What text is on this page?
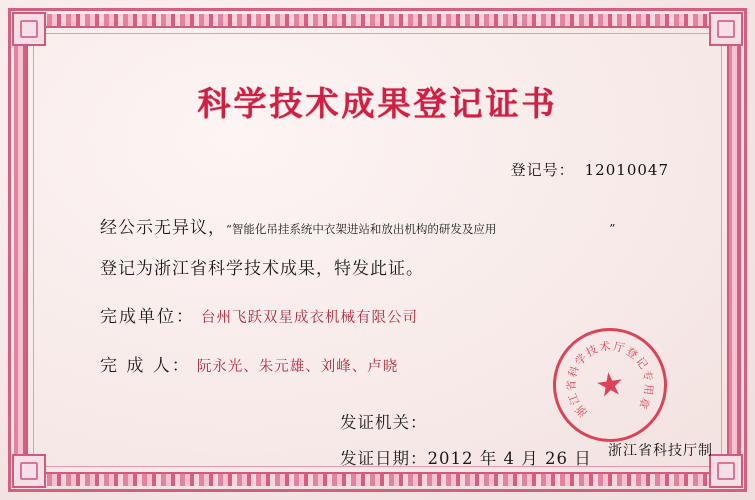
科学技术成果登记证书
登记号： 12010047
经公示无异议，“智能化吊挂系统中衣架进站和放出机构的研发及应用	”
登记为浙江省科学技术成果，特发此证。
完成单位： 台州飞跃双星成衣机械有限公司
完 成 人： 阮永光、朱元雄、刘峰、卢晓
发证机关：
发证日期：2012 年 4 月 26 日	浙江省科技厅制
浙
江
省
科
学
技
术 厅
登
记
专
用
章
